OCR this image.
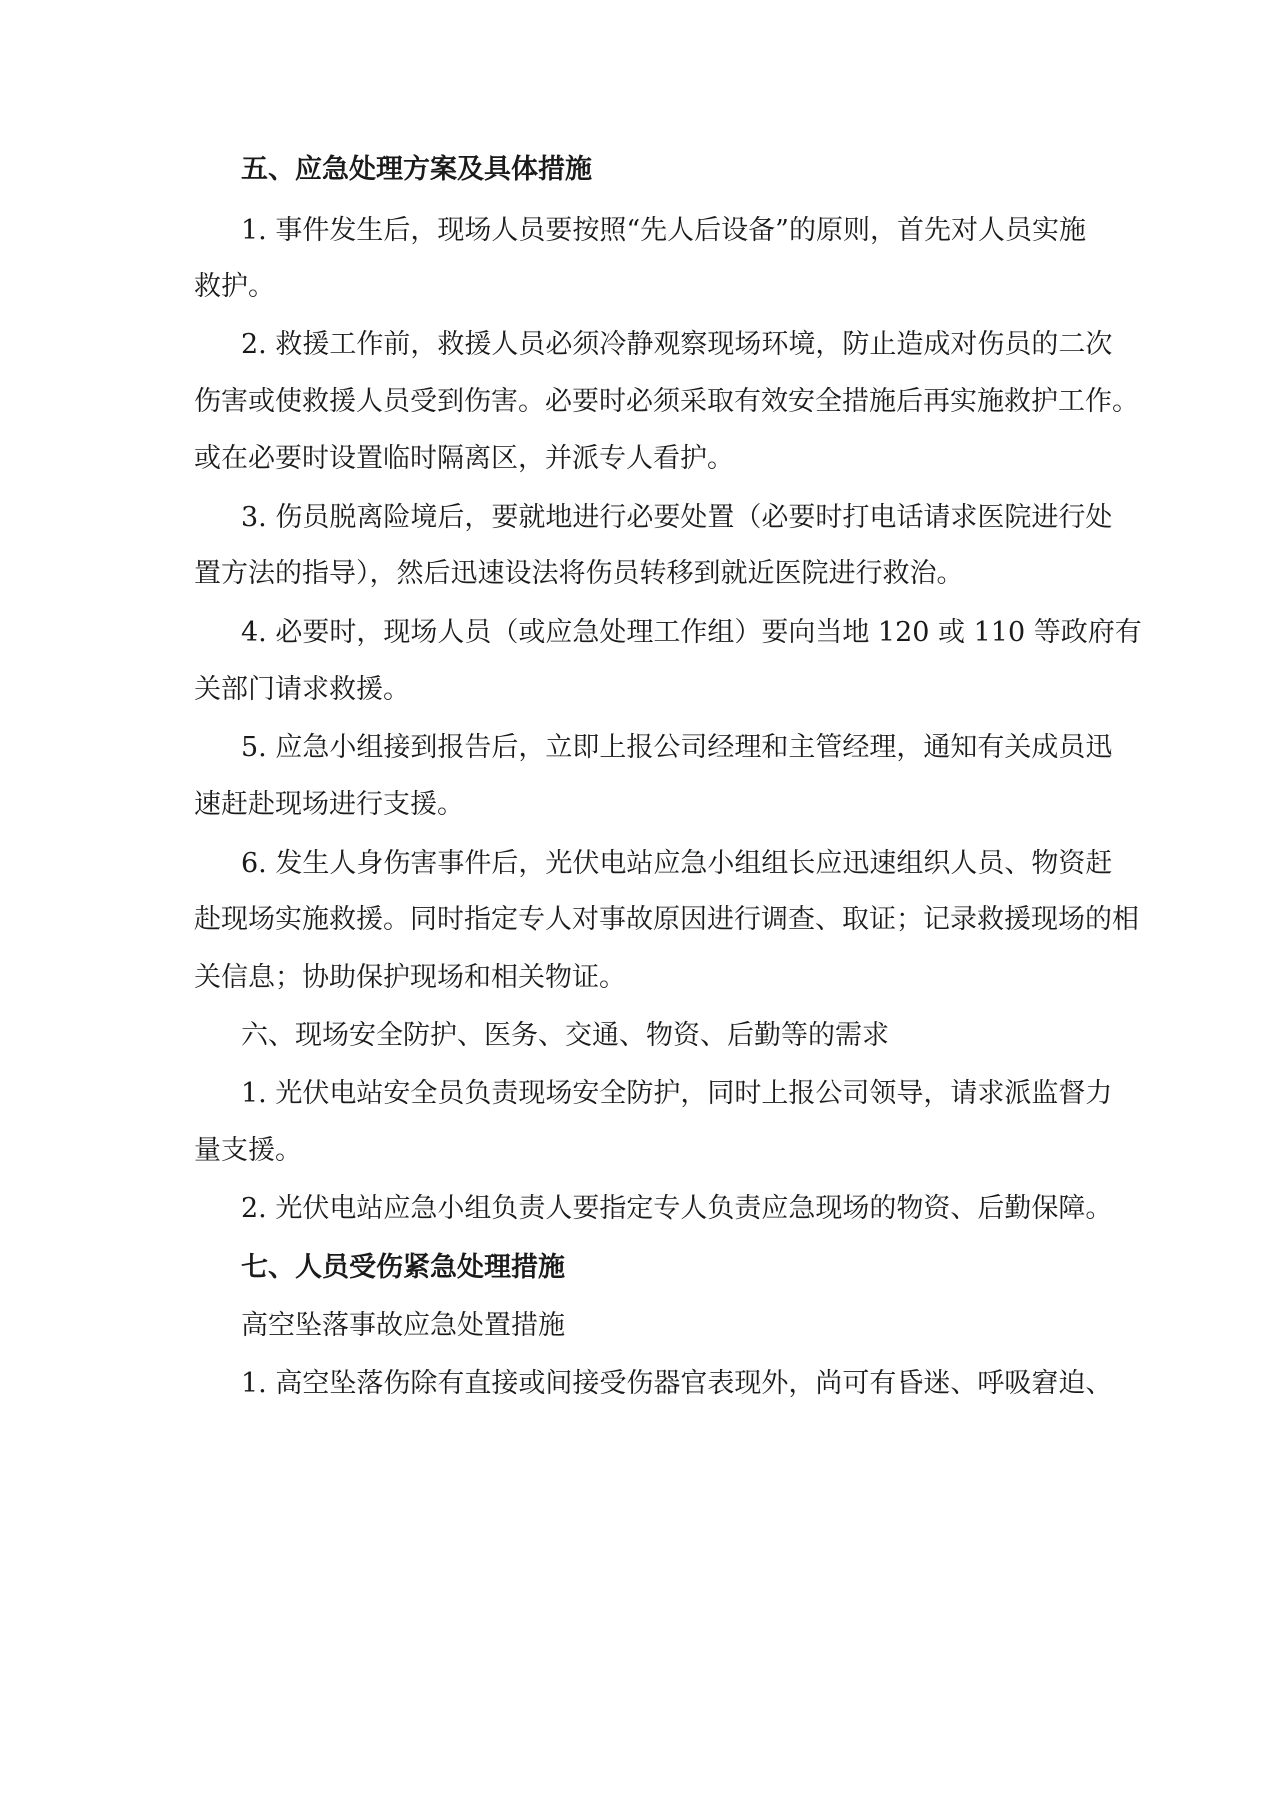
五、应急处理方案及具体措施
1. 事件发生后，现场人员要按照“先人后设备”的原则，首先对人员实施
救护。
2. 救援工作前，救援人员必须冷静观察现场环境，防止造成对伤员的二次
伤害或使救援人员受到伤害。必要时必须采取有效安全措施后再实施救护工作。
或在必要时设置临时隔离区，并派专人看护。
3. 伤员脱离险境后，要就地进行必要处置（必要时打电话请求医院进行处
置方法的指导），然后迅速设法将伤员转移到就近医院进行救治。
4. 必要时，现场人员（或应急处理工作组）要向当地 120 或 110 等政府有
关部门请求救援。
5. 应急小组接到报告后，立即上报公司经理和主管经理，通知有关成员迅
速赶赴现场进行支援。
6. 发生人身伤害事件后，光伏电站应急小组组长应迅速组织人员、物资赶
赴现场实施救援。同时指定专人对事故原因进行调查、取证；记录救援现场的相
关信息；协助保护现场和相关物证。
六、现场安全防护、医务、交通、物资、后勤等的需求
1. 光伏电站安全员负责现场安全防护，同时上报公司领导，请求派监督力
量支援。
2. 光伏电站应急小组负责人要指定专人负责应急现场的物资、后勤保障。
七、人员受伤紧急处理措施
高空坠落事故应急处置措施
1. 高空坠落伤除有直接或间接受伤器官表现外，尚可有昏迷、呼吸窘迫、
